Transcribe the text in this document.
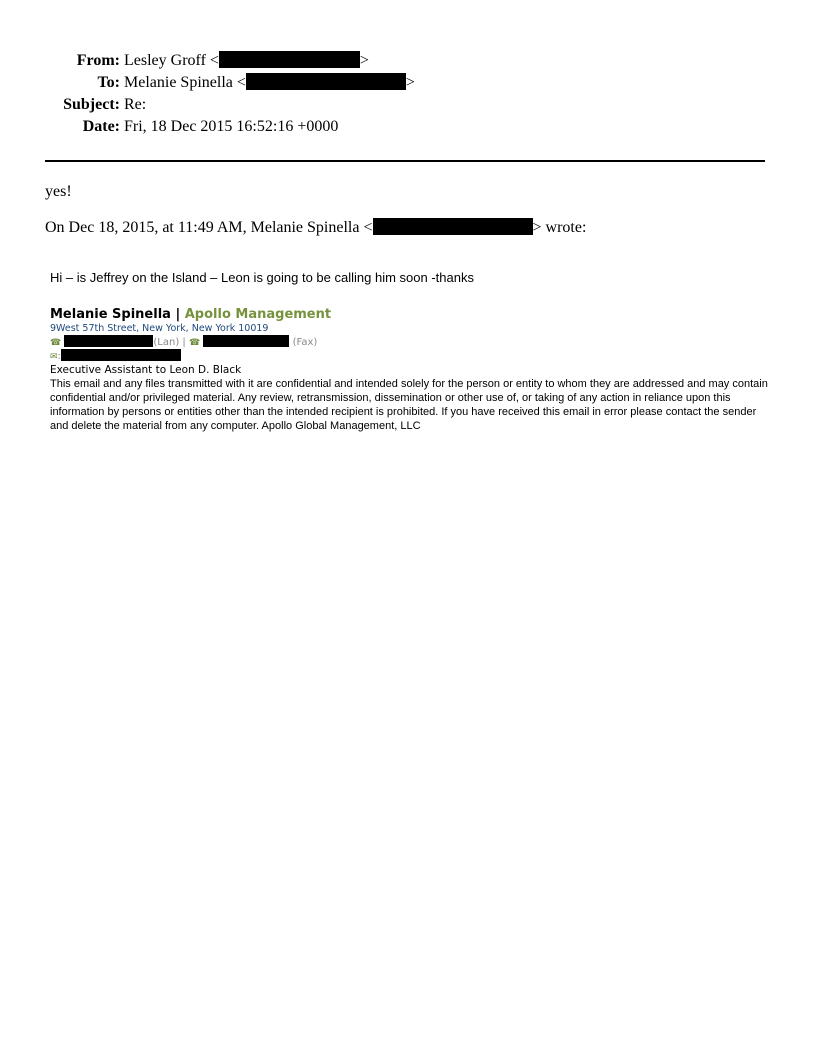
From: Lesley Groff <	>
To: Melanie Spinella <	>
Subject: Re:
Date: Fri, 18 Dec 2015 16:52:16 +0000
yes!
On Dec 18, 2015, at 11:49 AM, Melanie Spinella <	> wrote:
Hi – is Jeffrey on the Island – Leon is going to be calling him soon -thanks
Melanie Spinella | Apollo Management
9West 57th Street, New York, New York 10019
☎	(Lan) | ☎	(Fax)
✉:
Executive Assistant to Leon D. Black
This email and any files transmitted with it are confidential and intended solely for the person or entity to whom they are addressed and may contain confidential and/or privileged material. Any review, retransmission, dissemination or other use of, or taking of any action in reliance upon this information by persons or entities other than the intended recipient is prohibited. If you have received this email in error please contact the sender and delete the material from any computer. Apollo Global Management, LLC
